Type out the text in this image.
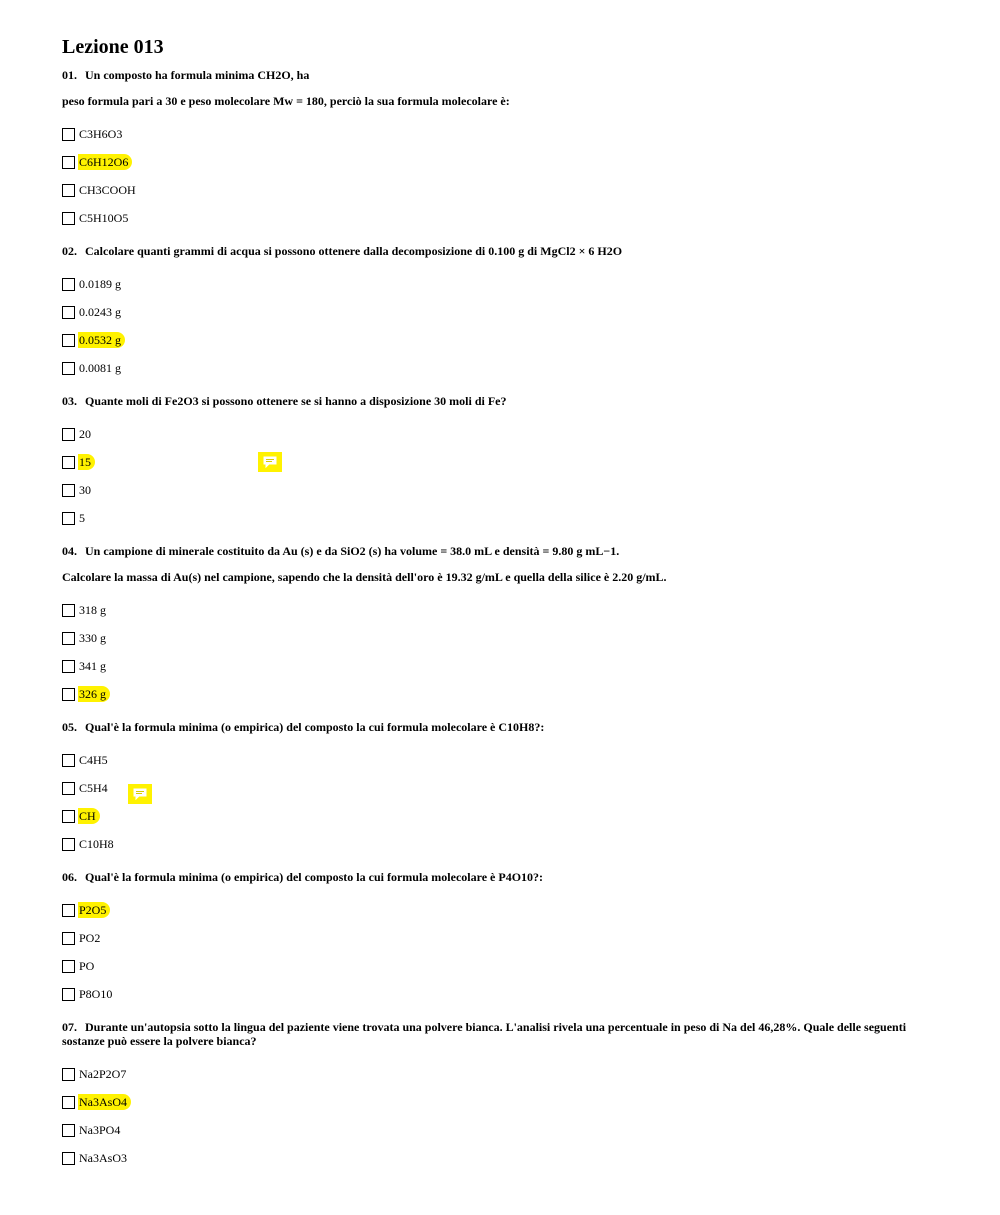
Lezione 013

01. Un composto ha formula minima CH2O, ha

peso formula pari a 30 e peso molecolare Mw = 180, perciò la sua formula molecolare è:

C3H6O3
C6H12O6
CH3COOH
C5H10O5

02. Calcolare quanti grammi di acqua si possono ottenere dalla decomposizione di 0.100 g di MgCl2 × 6 H2O

0.0189 g
0.0243 g
0.0532 g
0.0081 g

03. Quante moli di Fe2O3 si possono ottenere se si hanno a disposizione 30 moli di Fe?

20
15
30
5

04. Un campione di minerale costituito da Au (s) e da SiO2 (s) ha volume = 38.0 mL e densità = 9.80 g mL−1.

Calcolare la massa di Au(s) nel campione, sapendo che la densità dell'oro è 19.32 g/mL e quella della silice è 2.20 g/mL.

318 g
330 g
341 g
326 g

05. Qual'è la formula minima (o empirica) del composto la cui formula molecolare è C10H8?:

C4H5
C5H4
CH
C10H8

06. Qual'è la formula minima (o empirica) del composto la cui formula molecolare è P4O10?:

P2O5
PO2
PO
P8O10

07. Durante un'autopsia sotto la lingua del paziente viene trovata una polvere bianca. L'analisi rivela una percentuale in peso di Na del 46,28%. Quale delle seguenti sostanze può essere la polvere bianca?

Na2P2O7
Na3AsO4
Na3PO4
Na3AsO3
